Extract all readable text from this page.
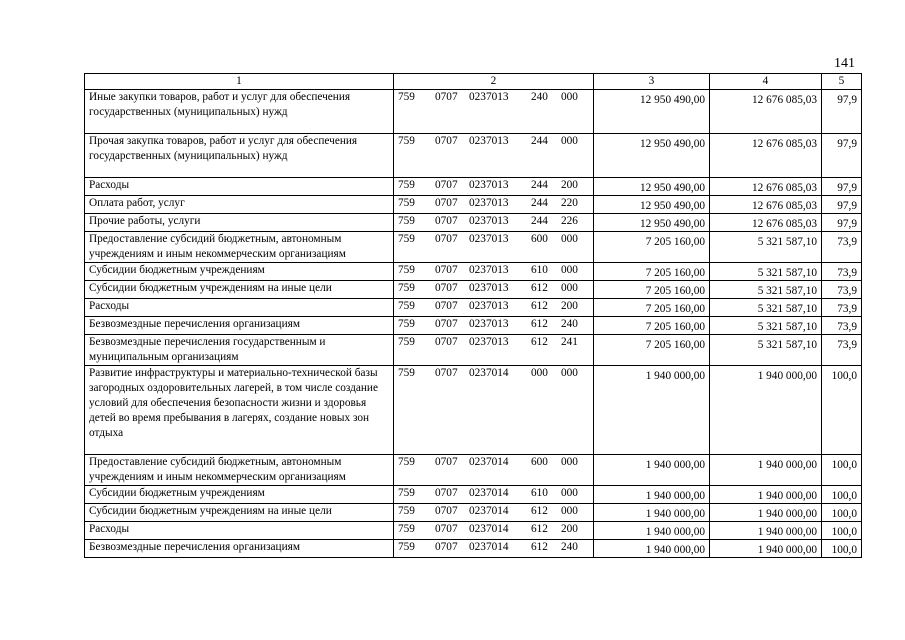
141
1	2	3	4	5
Иные закупки товаров, работ и услуг для обеспечения государственных (муниципальных) нужд	759 0707 0237013 240 000	12 950 490,00	12 676 085,03	97,9
Прочая закупка товаров, работ и услуг для обеспечения государственных (муниципальных) нужд	759 0707 0237013 244 000	12 950 490,00	12 676 085,03	97,9
Расходы	759 0707 0237013 244 200	12 950 490,00	12 676 085,03	97,9
Оплата работ, услуг	759 0707 0237013 244 220	12 950 490,00	12 676 085,03	97,9
Прочие работы, услуги	759 0707 0237013 244 226	12 950 490,00	12 676 085,03	97,9
Предоставление субсидий бюджетным, автономным учреждениям и иным некоммерческим организациям	759 0707 0237013 600 000	7 205 160,00	5 321 587,10	73,9
Субсидии бюджетным учреждениям	759 0707 0237013 610 000	7 205 160,00	5 321 587,10	73,9
Субсидии бюджетным учреждениям на иные цели	759 0707 0237013 612 000	7 205 160,00	5 321 587,10	73,9
Расходы	759 0707 0237013 612 200	7 205 160,00	5 321 587,10	73,9
Безвозмездные перечисления организациям	759 0707 0237013 612 240	7 205 160,00	5 321 587,10	73,9
Безвозмездные перечисления государственным и муниципальным организациям	759 0707 0237013 612 241	7 205 160,00	5 321 587,10	73,9
Развитие инфраструктуры и материально-технической базы загородных оздоровительных лагерей, в том числе создание условий для обеспечения безопасности жизни и здоровья детей во время пребывания в лагерях, создание новых зон отдыха	759 0707 0237014 000 000	1 940 000,00	1 940 000,00	100,0
Предоставление субсидий бюджетным, автономным учреждениям и иным некоммерческим организациям	759 0707 0237014 600 000	1 940 000,00	1 940 000,00	100,0
Субсидии бюджетным учреждениям	759 0707 0237014 610 000	1 940 000,00	1 940 000,00	100,0
Субсидии бюджетным учреждениям на иные цели	759 0707 0237014 612 000	1 940 000,00	1 940 000,00	100,0
Расходы	759 0707 0237014 612 200	1 940 000,00	1 940 000,00	100,0
Безвозмездные перечисления организациям	759 0707 0237014 612 240	1 940 000,00	1 940 000,00	100,0
